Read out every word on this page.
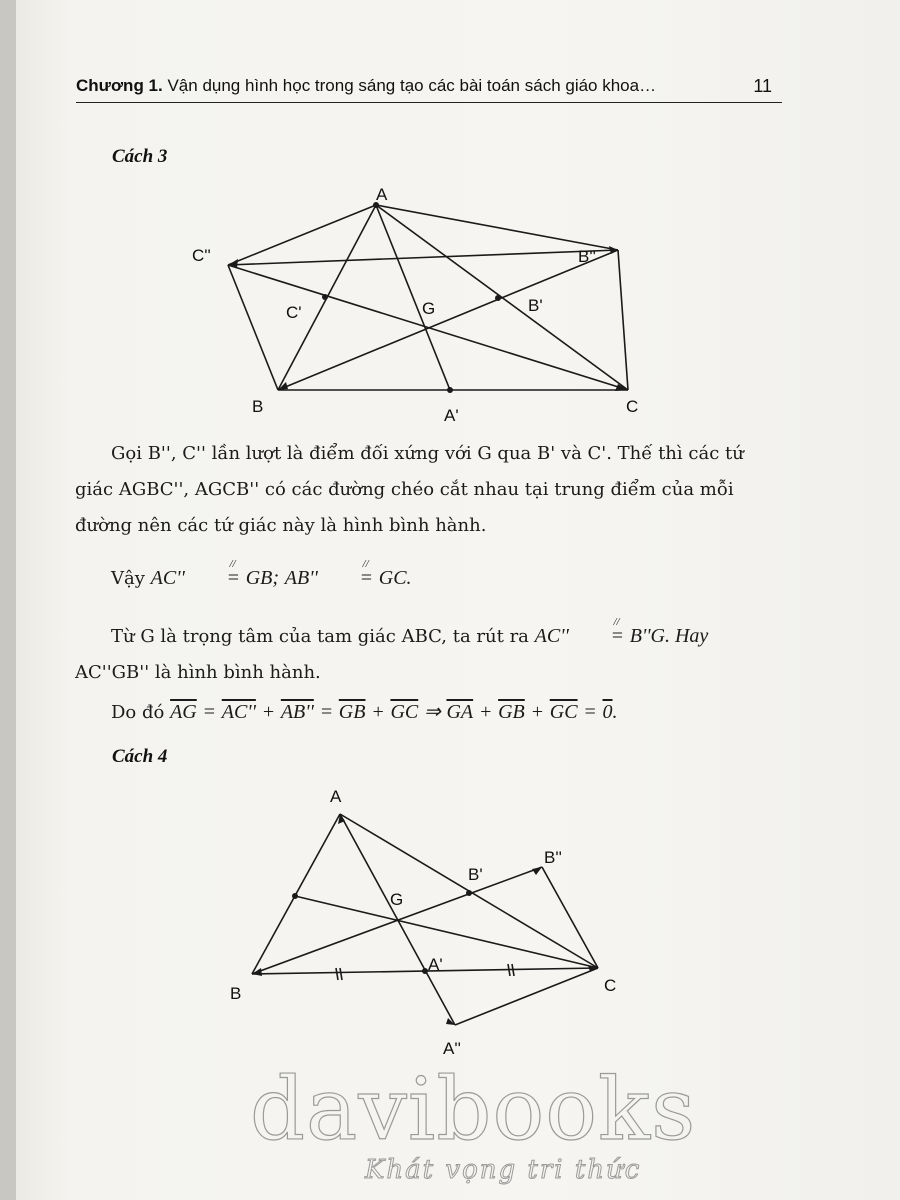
Chương 1. Vận dụng hình học trong sáng tạo các bài toán sách giáo khoa…	11
Cách 3
A
C''	B''
C'	G	B'
B	A'	C

Gọi B'', C'' lần lượt là điểm đối xứng với G qua B' và C'. Thế thì các tứ giác AGBC'', AGCB'' có các đường chéo cắt nhau tại trung điểm của mỗi đường nên các tứ giác này là hình bình hành.

Vậy AC''
//
= GB; AB''
//
= GC.

Từ G là trọng tâm của tam giác ABC, ta rút ra AC''
//
= B''G. Hay

AC''GB'' là hình bình hành.

Do đó $\overline{AG} = AC'' + AB'' = \overline{GB} + \overline{GC}$ ⇒ $\overline{GA} + \overline{GB} + \overline{GC} = 0$.

Cách 4
A
B''
B'
G
A'
B	C
A''
davibooks
Khát vọng tri thức
